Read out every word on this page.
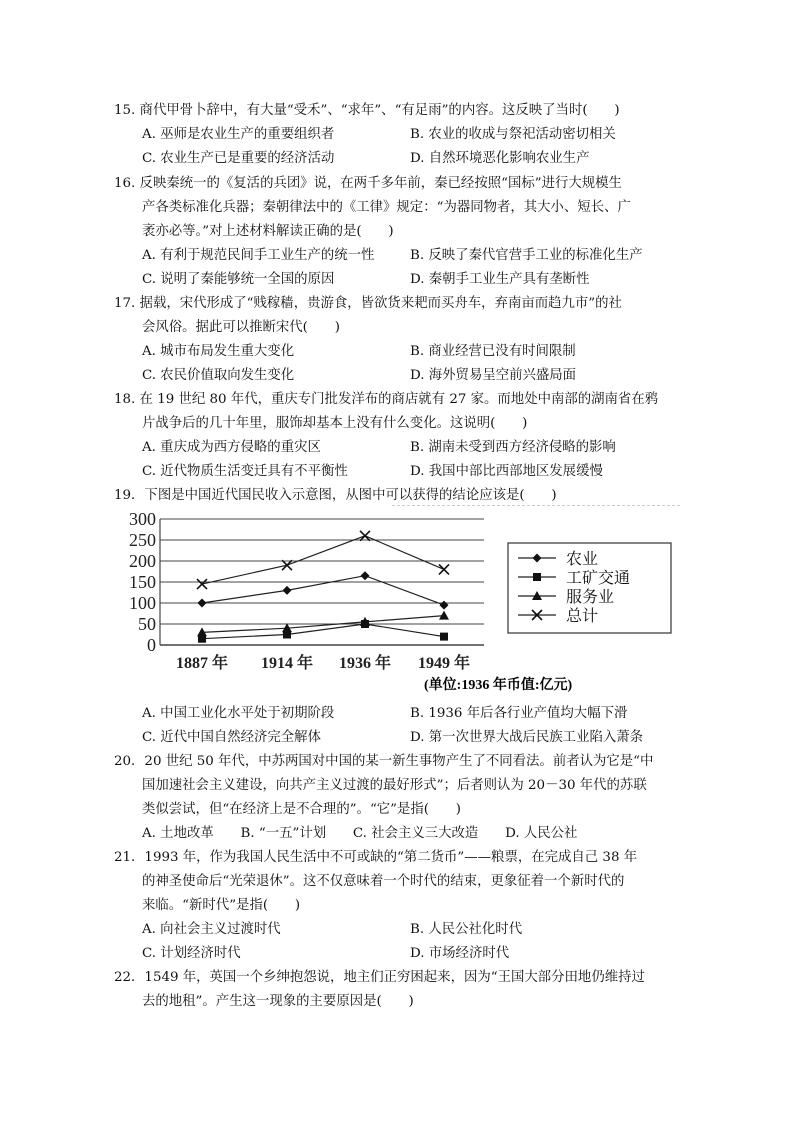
15. 商代甲骨卜辞中，有大量“受禾”、“求年”、“有足雨”的内容。这反映了当时(　　)
A. 巫师是农业生产的重要组织者	B. 农业的收成与祭祀活动密切相关
C. 农业生产已是重要的经济活动	D. 自然环境恶化影响农业生产
16. 反映秦统一的《复活的兵团》说，在两千多年前，秦已经按照“国标”进行大规模生
产各类标准化兵器；秦朝律法中的《工律》规定：“为器同物者，其大小、短长、广
袤亦必等。”对上述材料解读正确的是(　　)
A. 有利于规范民间手工业生产的统一性	B. 反映了秦代官营手工业的标准化生产
C. 说明了秦能够统一全国的原因	D. 秦朝手工业生产具有垄断性
17. 据载，宋代形成了“贱稼穑，贵游食，皆欲货来耙而买舟车，弃南亩而趋九市”的社
会风俗。据此可以推断宋代(　　)
A. 城市布局发生重大变化	B. 商业经营已没有时间限制
C. 农民价值取向发生变化	D. 海外贸易呈空前兴盛局面
18. 在 19 世纪 80 年代，重庆专门批发洋布的商店就有 27 家。而地处中南部的湖南省在鸦
片战争后的几十年里，服饰却基本上没有什么变化。这说明(　　)
A. 重庆成为西方侵略的重灾区	B. 湖南未受到西方经济侵略的影响
C. 近代物质生活变迁具有不平衡性	D. 我国中部比西部地区发展缓慢
19．下图是中国近代国民收入示意图，从图中可以获得的结论应该是(　　)
300
250
200
150
100
50
0
1887 年 1914 年 1936 年 1949 年
农业
工矿交通
服务业
总计
(单位:1936 年币值:亿元)
A. 中国工业化水平处于初期阶段	B. 1936 年后各行业产值均大幅下滑
C. 近代中国自然经济完全解体	D. 第一次世界大战后民族工业陷入萧条
20．20 世纪 50 年代，中苏两国对中国的某一新生事物产生了不同看法。前者认为它是“中
国加速社会主义建设，向共产主义过渡的最好形式”；后者则认为 20－30 年代的苏联
类似尝试，但“在经济上是不合理的”。“它”是指(　　)
A. 土地改革　　B. “一五”计划　　C. 社会主义三大改造　　D. 人民公社
21．1993 年，作为我国人民生活中不可或缺的“第二货币”——粮票，在完成自己 38 年
的神圣使命后“光荣退休”。这不仅意味着一个时代的结束，更象征着一个新时代的
来临。“新时代”是指(　　)
A. 向社会主义过渡时代	B. 人民公社化时代
C. 计划经济时代	D. 市场经济时代
22．1549 年，英国一个乡绅抱怨说，地主们正穷困起来，因为“王国大部分田地仍维持过
去的地租”。产生这一现象的主要原因是(　　)
